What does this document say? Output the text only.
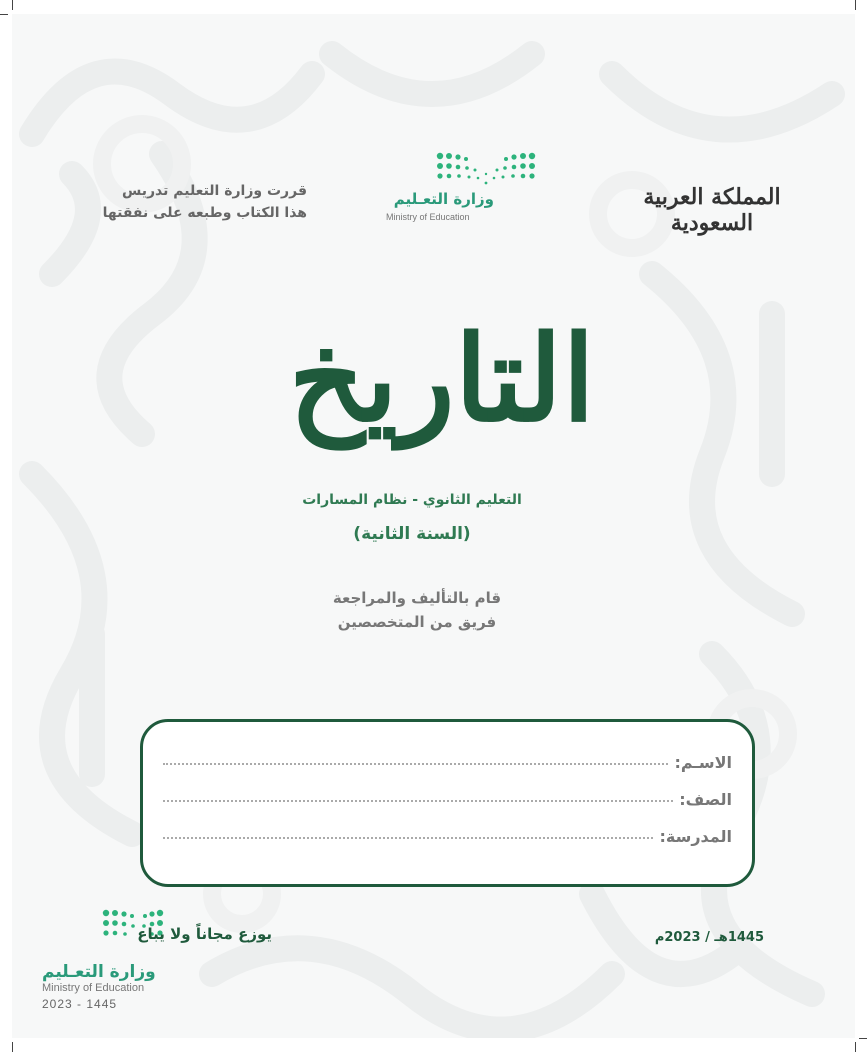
قررت وزارة التعليم تدريس
هذا الكتاب وطبعه على نفقتها
وزارة التعـليم
Ministry of Education
المملكة العربية السعودية
التاريخ
التعليم الثانوي - نظام المسارات
(السنة الثانية)
قام بالتأليف والمراجعة
فريق من المتخصصين
الاسـم:
الصف:
المدرسة:
يوزع مجاناً ولا يباع
وزارة التعـليم
Ministry of Education
2023 - 1445
1445هـ / 2023م
